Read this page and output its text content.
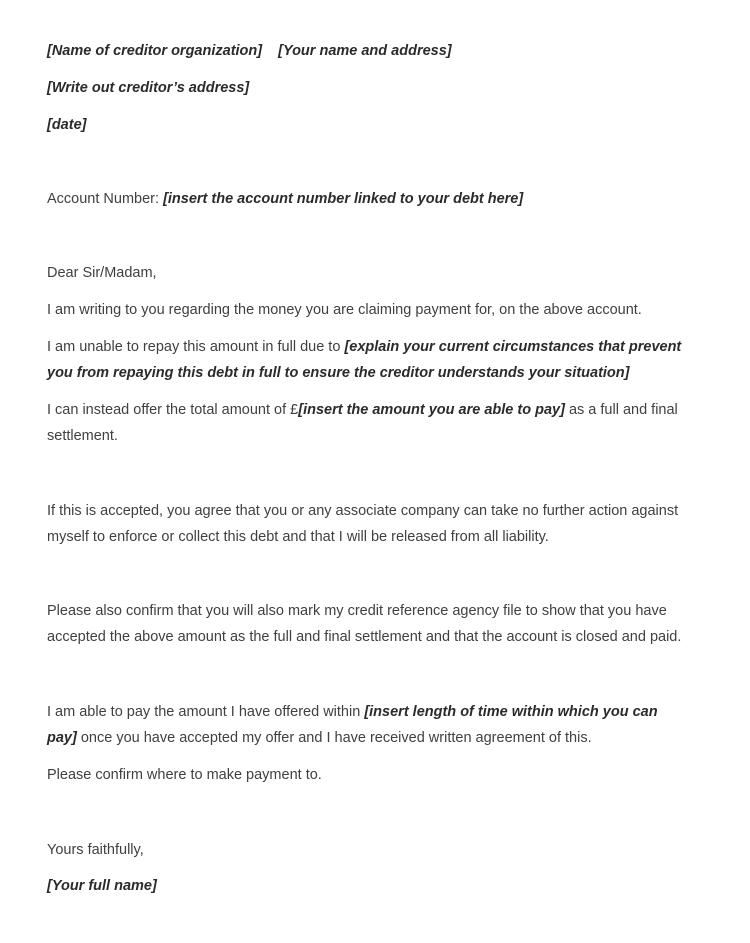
[Name of creditor organization] [Your name and address]
[Write out creditor’s address]
[date]
Account Number: [insert the account number linked to your debt here]
Dear Sir/Madam,
I am writing to you regarding the money you are claiming payment for, on the above account.
I am unable to repay this amount in full due to [explain your current circumstances that prevent
you from repaying this debt in full to ensure the creditor understands your situation]
I can instead offer the total amount of £[insert the amount you are able to pay] as a full and final
settlement.
If this is accepted, you agree that you or any associate company can take no further action against
myself to enforce or collect this debt and that I will be released from all liability.
Please also confirm that you will also mark my credit reference agency file to show that you have
accepted the above amount as the full and final settlement and that the account is closed and paid.
I am able to pay the amount I have offered within [insert length of time within which you can
pay] once you have accepted my offer and I have received written agreement of this.
Please confirm where to make payment to.
Yours faithfully,
[Your full name]
